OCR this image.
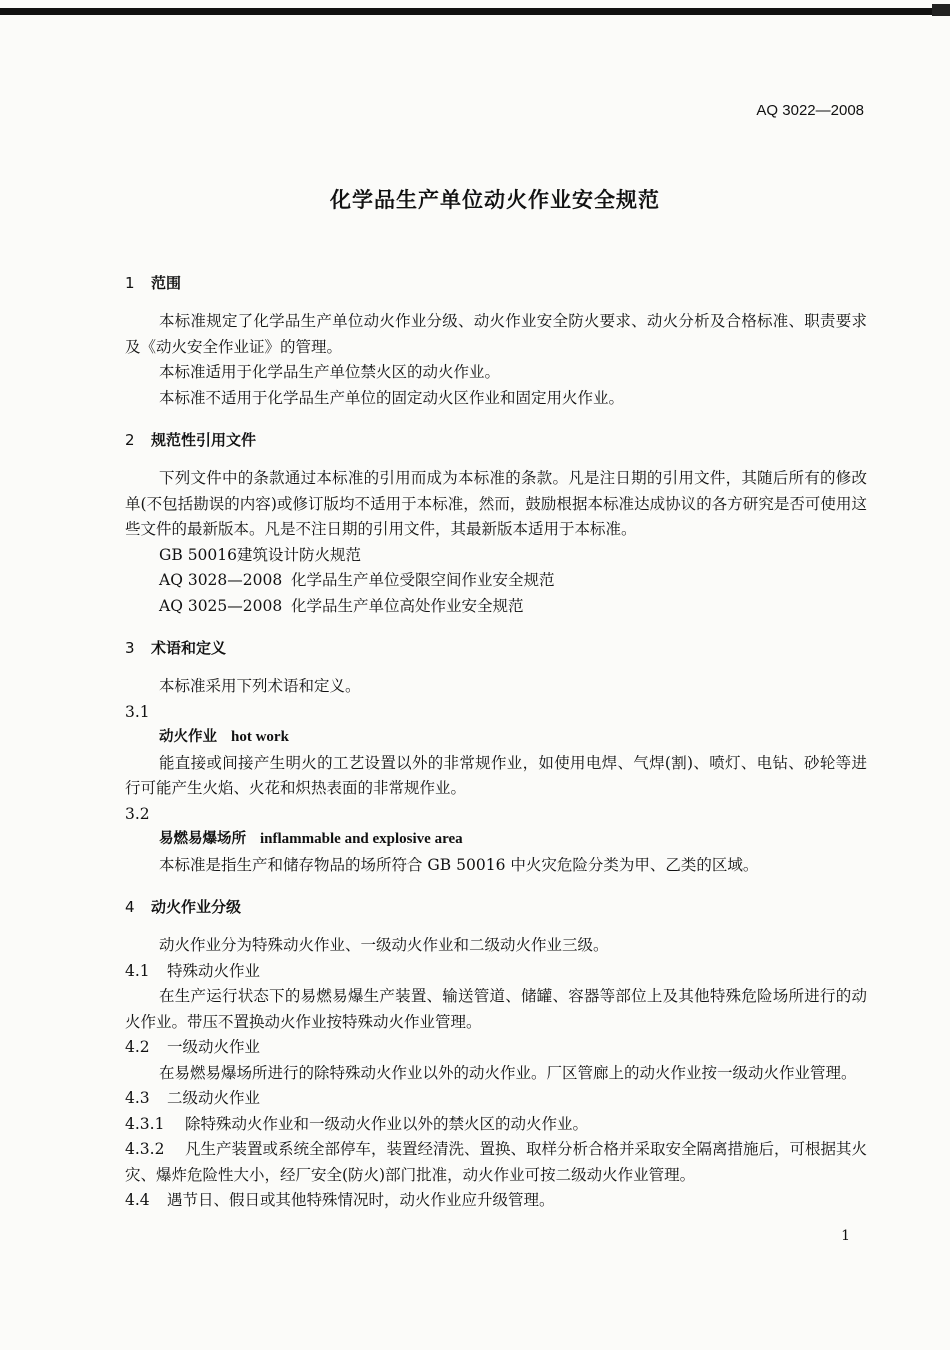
AQ 3022—2008
化学品生产单位动火作业安全规范
1 范围
本标准规定了化学品生产单位动火作业分级、动火作业安全防火要求、动火分析及合格标准、职责要求及《动火安全作业证》的管理。
本标准适用于化学品生产单位禁火区的动火作业。
本标准不适用于化学品生产单位的固定动火区作业和固定用火作业。
2 规范性引用文件
下列文件中的条款通过本标准的引用而成为本标准的条款。凡是注日期的引用文件，其随后所有的修改单(不包括勘误的内容)或修订版均不适用于本标准，然而，鼓励根据本标准达成协议的各方研究是否可使用这些文件的最新版本。凡是不注日期的引用文件，其最新版本适用于本标准。
GB 50016建筑设计防火规范
AQ 3028—2008 化学品生产单位受限空间作业安全规范
AQ 3025—2008 化学品生产单位高处作业安全规范
3 术语和定义
本标准采用下列术语和定义。
3.1
动火作业 hot work
能直接或间接产生明火的工艺设置以外的非常规作业，如使用电焊、气焊(割)、喷灯、电钻、砂轮等进行可能产生火焰、火花和炽热表面的非常规作业。
3.2
易燃易爆场所 inflammable and explosive area
本标准是指生产和储存物品的场所符合 GB 50016 中火灾危险分类为甲、乙类的区域。
4 动火作业分级
动火作业分为特殊动火作业、一级动火作业和二级动火作业三级。
4.1 特殊动火作业
在生产运行状态下的易燃易爆生产装置、输送管道、储罐、容器等部位上及其他特殊危险场所进行的动火作业。带压不置换动火作业按特殊动火作业管理。
4.2 一级动火作业
在易燃易爆场所进行的除特殊动火作业以外的动火作业。厂区管廊上的动火作业按一级动火作业管理。
4.3 二级动火作业
4.3.1 除特殊动火作业和一级动火作业以外的禁火区的动火作业。
4.3.2 凡生产装置或系统全部停车，装置经清洗、置换、取样分析合格并采取安全隔离措施后，可根据其火灾、爆炸危险性大小，经厂安全(防火)部门批准，动火作业可按二级动火作业管理。
4.4 遇节日、假日或其他特殊情况时，动火作业应升级管理。
1
